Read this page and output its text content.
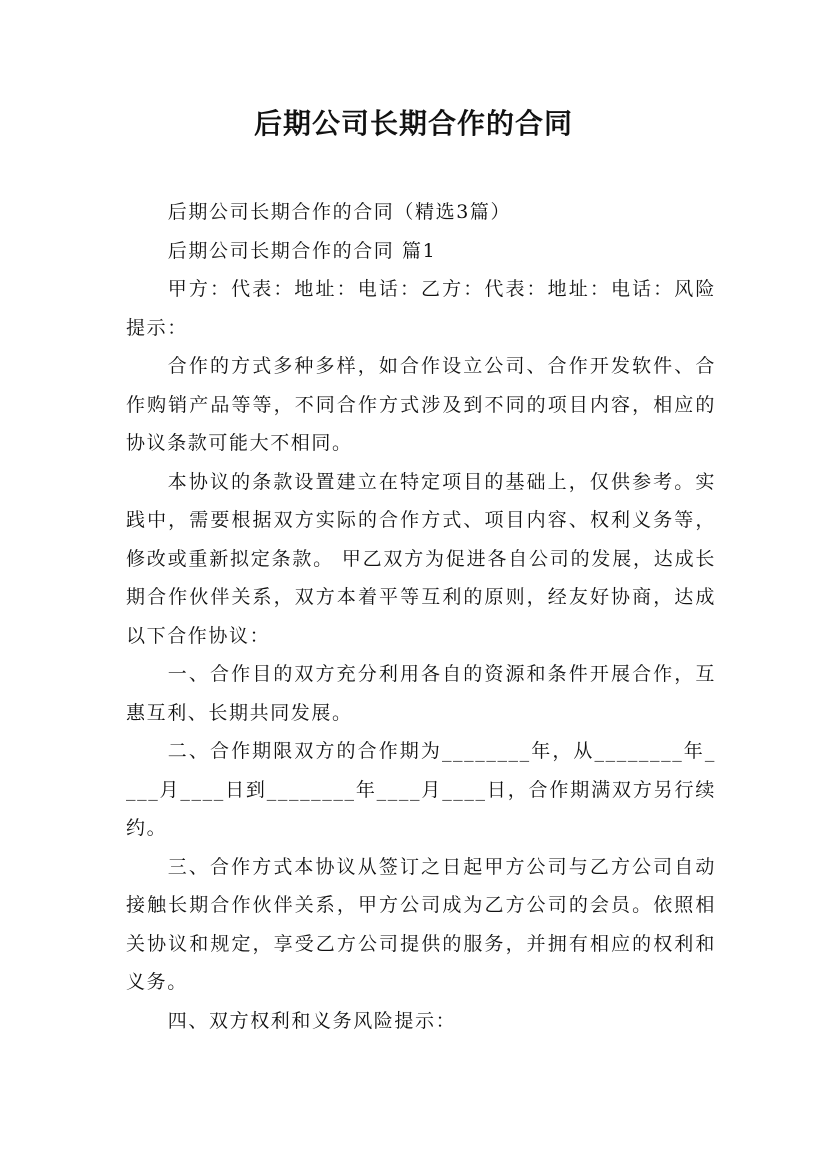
后期公司长期合作的合同

后期公司长期合作的合同（精选3篇）

后期公司长期合作的合同 篇1

甲方：代表：地址：电话：乙方：代表：地址：电话：风险提示：

合作的方式多种多样，如合作设立公司、合作开发软件、合作购销产品等等，不同合作方式涉及到不同的项目内容，相应的协议条款可能大不相同。

本协议的条款设置建立在特定项目的基础上，仅供参考。实践中，需要根据双方实际的合作方式、项目内容、权利义务等，修改或重新拟定条款。 甲乙双方为促进各自公司的发展，达成长期合作伙伴关系，双方本着平等互利的原则，经友好协商，达成以下合作协议：

一、合作目的双方充分利用各自的资源和条件开展合作，互惠互利、长期共同发展。

二、合作期限双方的合作期为________年，从________年____月____日到________年____月____日，合作期满双方另行续约。

三、合作方式本协议从签订之日起甲方公司与乙方公司自动接触长期合作伙伴关系，甲方公司成为乙方公司的会员。依照相关协议和规定，享受乙方公司提供的服务，并拥有相应的权利和义务。

四、双方权利和义务风险提示：
